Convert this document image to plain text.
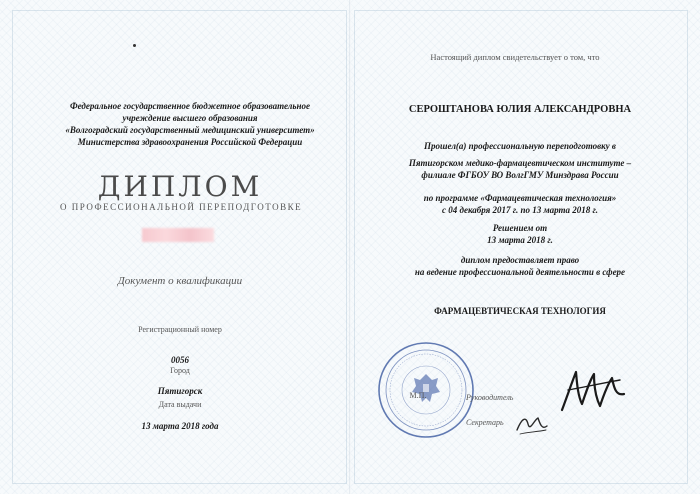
Федеральное государственное бюджетное образовательное
учреждение высшего образования
«Волгоградский государственный медицинский университет»
Министерства здравоохранения Российской Федерации
ДИПЛОМ
О ПРОФЕССИОНАЛЬНОЙ ПЕРЕПОДГОТОВКЕ
Документ о квалификации
Регистрационный номер
0056
Город
Пятигорск
Дата выдачи
13 марта 2018 года
Настоящий диплом свидетельствует о том, что
СЕРОШТАНОВА ЮЛИЯ АЛЕКСАНДРОВНА
Прошел(а) профессиональную переподготовку в
Пятигорском медико-фармацевтическом институте –
филиале ФГБОУ ВО ВолгГМУ Минздрава России
по программе «Фармацевтическая технология»
с 04 декабря 2017 г. по 13 марта 2018 г.
Решением от
13 марта 2018 г.
диплом предоставляет право
на ведение профессиональной деятельности в сфере
ФАРМАЦЕВТИЧЕСКАЯ ТЕХНОЛОГИЯ
М.П.	Руководитель
Секретарь
